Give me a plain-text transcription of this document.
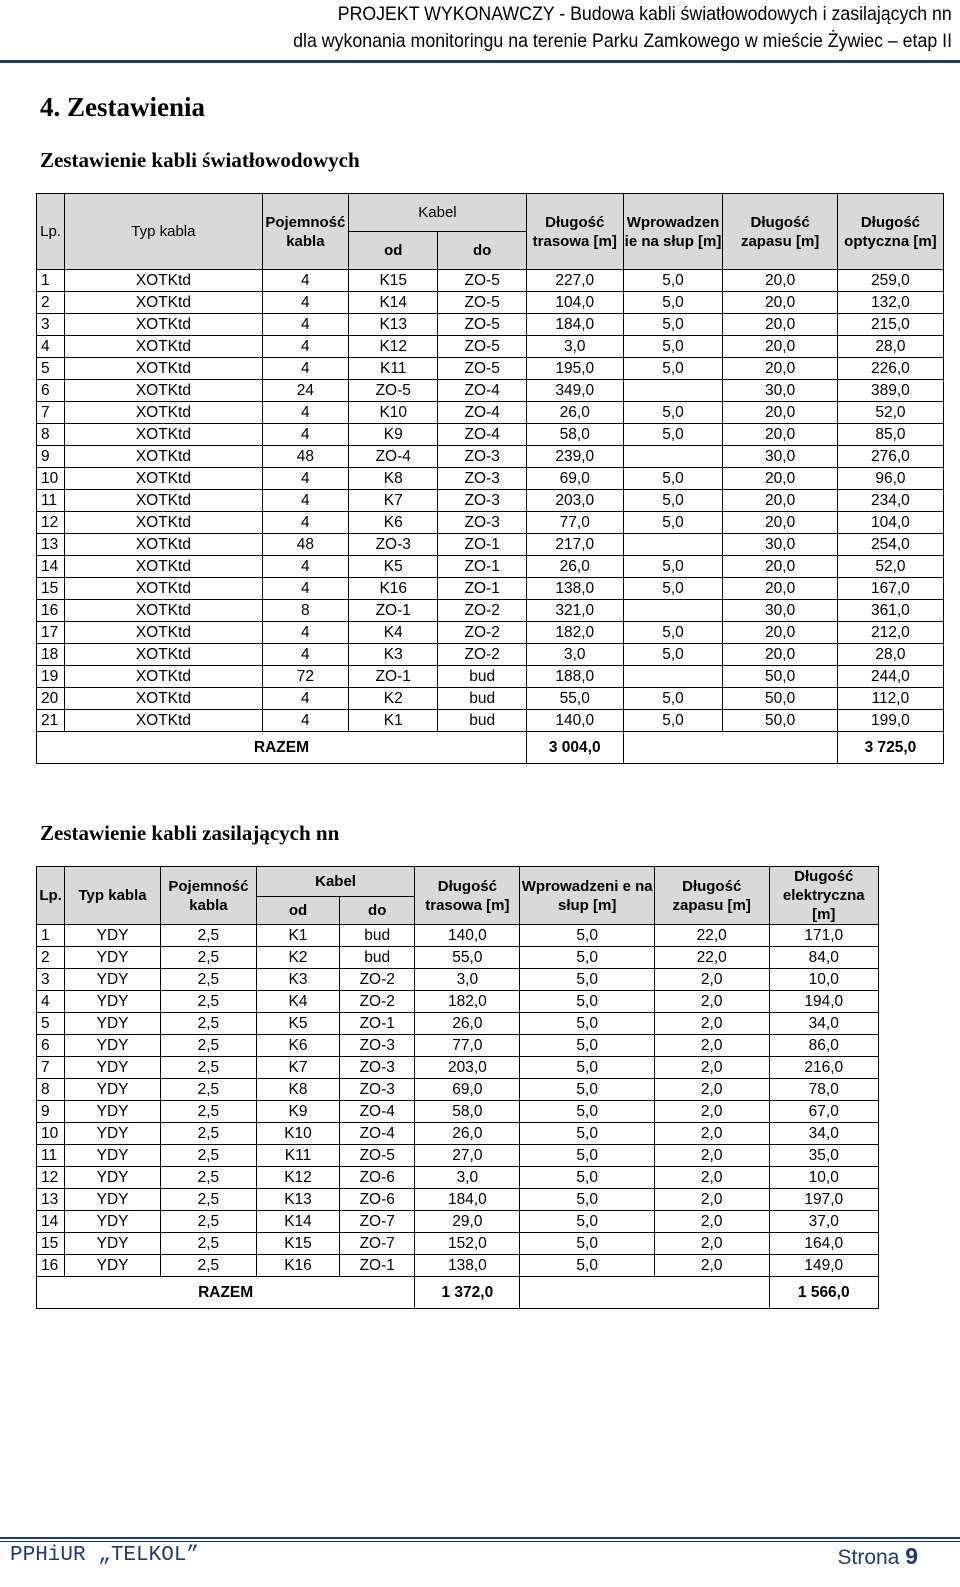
PROJEKT WYKONAWCZY - Budowa kabli światłowodowych i zasilających nn
dla wykonania monitoringu na terenie Parku Zamkowego w mieście Żywiec – etap II
4. Zestawienia
Zestawienie kabli światłowodowych
Lp.	Typ kabla	Pojemność kabla	Kabel		Długość trasowa [m]	Wprowadzen ie na słup [m]	Długość zapasu [m]	Długość optyczna [m]

			od	do				

1	XOTKtd	4	K15	ZO-5	227,0	5,0	20,0	259,0
2	XOTKtd	4	K14	ZO-5	104,0	5,0	20,0	132,0
3	XOTKtd	4	K13	ZO-5	184,0	5,0	20,0	215,0
4	XOTKtd	4	K12	ZO-5	3,0	5,0	20,0	28,0
5	XOTKtd	4	K11	ZO-5	195,0	5,0	20,0	226,0
6	XOTKtd	24	ZO-5	ZO-4	349,0		30,0	389,0
7	XOTKtd	4	K10	ZO-4	26,0	5,0	20,0	52,0
8	XOTKtd	4	K9	ZO-4	58,0	5,0	20,0	85,0
9	XOTKtd	48	ZO-4	ZO-3	239,0		30,0	276,0
10	XOTKtd	4	K8	ZO-3	69,0	5,0	20,0	96,0
11	XOTKtd	4	K7	ZO-3	203,0	5,0	20,0	234,0
12	XOTKtd	4	K6	ZO-3	77,0	5,0	20,0	104,0
13	XOTKtd	48	ZO-3	ZO-1	217,0		30,0	254,0
14	XOTKtd	4	K5	ZO-1	26,0	5,0	20,0	52,0
15	XOTKtd	4	K16	ZO-1	138,0	5,0	20,0	167,0
16	XOTKtd	8	ZO-1	ZO-2	321,0		30,0	361,0
17	XOTKtd	4	K4	ZO-2	182,0	5,0	20,0	212,0
18	XOTKtd	4	K3	ZO-2	3,0	5,0	20,0	28,0
19	XOTKtd	72	ZO-1	bud	188,0		50,0	244,0
20	XOTKtd	4	K2	bud	55,0	5,0	50,0	112,0
21	XOTKtd	4	K1	bud	140,0	5,0	50,0	199,0
RAZEM					3 004,0			3 725,0
Zestawienie kabli zasilających nn
Lp.	Typ kabla	Pojemność kabla	Kabel		Długość trasowa [m]	Wprowadzeni e na słup [m]	Długość zapasu [m]	Długość elektryczna [m]

			od	do				

1	YDY	2,5	K1	bud	140,0	5,0	22,0	171,0
2	YDY	2,5	K2	bud	55,0	5,0	22,0	84,0
3	YDY	2,5	K3	ZO-2	3,0	5,0	2,0	10,0
4	YDY	2,5	K4	ZO-2	182,0	5,0	2,0	194,0
5	YDY	2,5	K5	ZO-1	26,0	5,0	2,0	34,0
6	YDY	2,5	K6	ZO-3	77,0	5,0	2,0	86,0
7	YDY	2,5	K7	ZO-3	203,0	5,0	2,0	216,0
8	YDY	2,5	K8	ZO-3	69,0	5,0	2,0	78,0
9	YDY	2,5	K9	ZO-4	58,0	5,0	2,0	67,0
10	YDY	2,5	K10	ZO-4	26,0	5,0	2,0	34,0
11	YDY	2,5	K11	ZO-5	27,0	5,0	2,0	35,0
12	YDY	2,5	K12	ZO-6	3,0	5,0	2,0	10,0
13	YDY	2,5	K13	ZO-6	184,0	5,0	2,0	197,0
14	YDY	2,5	K14	ZO-7	29,0	5,0	2,0	37,0
15	YDY	2,5	K15	ZO-7	152,0	5,0	2,0	164,0
16	YDY	2,5	K16	ZO-1	138,0	5,0	2,0	149,0
RAZEM					1 372,0			1 566,0
PPHiUR „TELKOL”	Strona 9
